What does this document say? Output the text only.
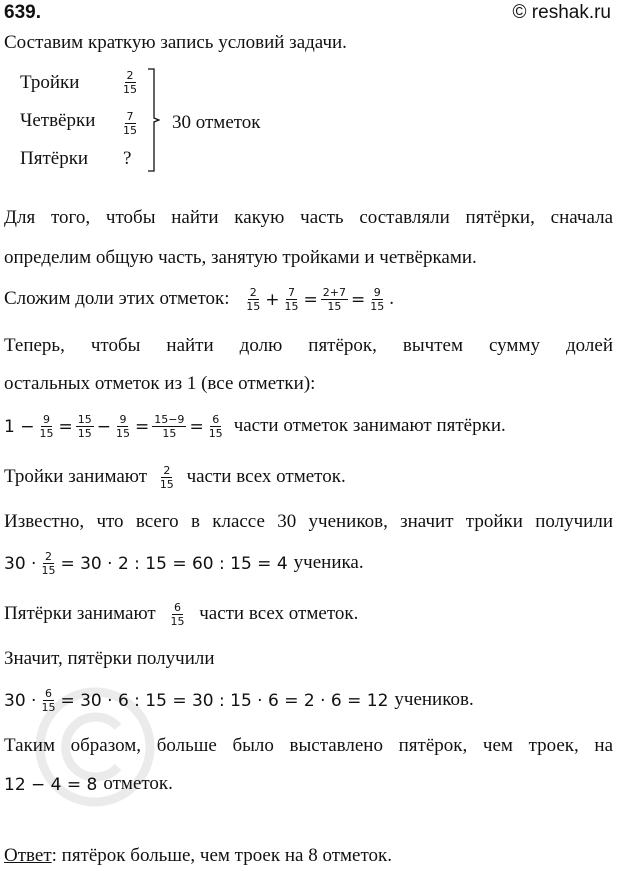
639.	© reshak.ru
Составим краткую запись условий задачи.
Тройки	$\frac{2}{15}$
Четвёрки $\frac{7}{15}$
Пятёрки ?
30 отметок
Для того, чтобы найти какую часть составляли пятёрки, сначала
определим общую часть, занятую тройками и четвёрками.
Сложим доли этих отметок: $\frac{2}{15} + \frac{7}{15} = \frac{2+7}{15} = \frac{9}{15}$ .
Теперь, чтобы найти долю пятёрок, вычтем сумму долей
остальных отметок из 1 (все отметки):
$1 - \frac{9}{15} = \frac{15}{15} - \frac{9}{15} = \frac{15-9}{15} = \frac{6}{15}$ части отметок занимают пятёрки.
Тройки занимают $\frac{2}{15}$ части всех отметок.
Известно, что всего в классе 30 учеников, значит тройки получили
$30 \cdot \frac{2}{15} = 30 \cdot 2$ : 15 = 60 : 15 = 4 ученика.
Пятёрки занимают $\frac{6}{15}$ части всех отметок.
Значит, пятёрки получили
$30 \cdot \frac{6}{15} = 30 \cdot 6$ : 15 = 30 : 15 · 6 = 2 · 6 = 12 учеников.
Таким образом, больше было выставлено пятёрок, чем троек, на
12 − 4 = 8 отметок.
Ответ: пятёрок больше, чем троек на 8 отметок.
